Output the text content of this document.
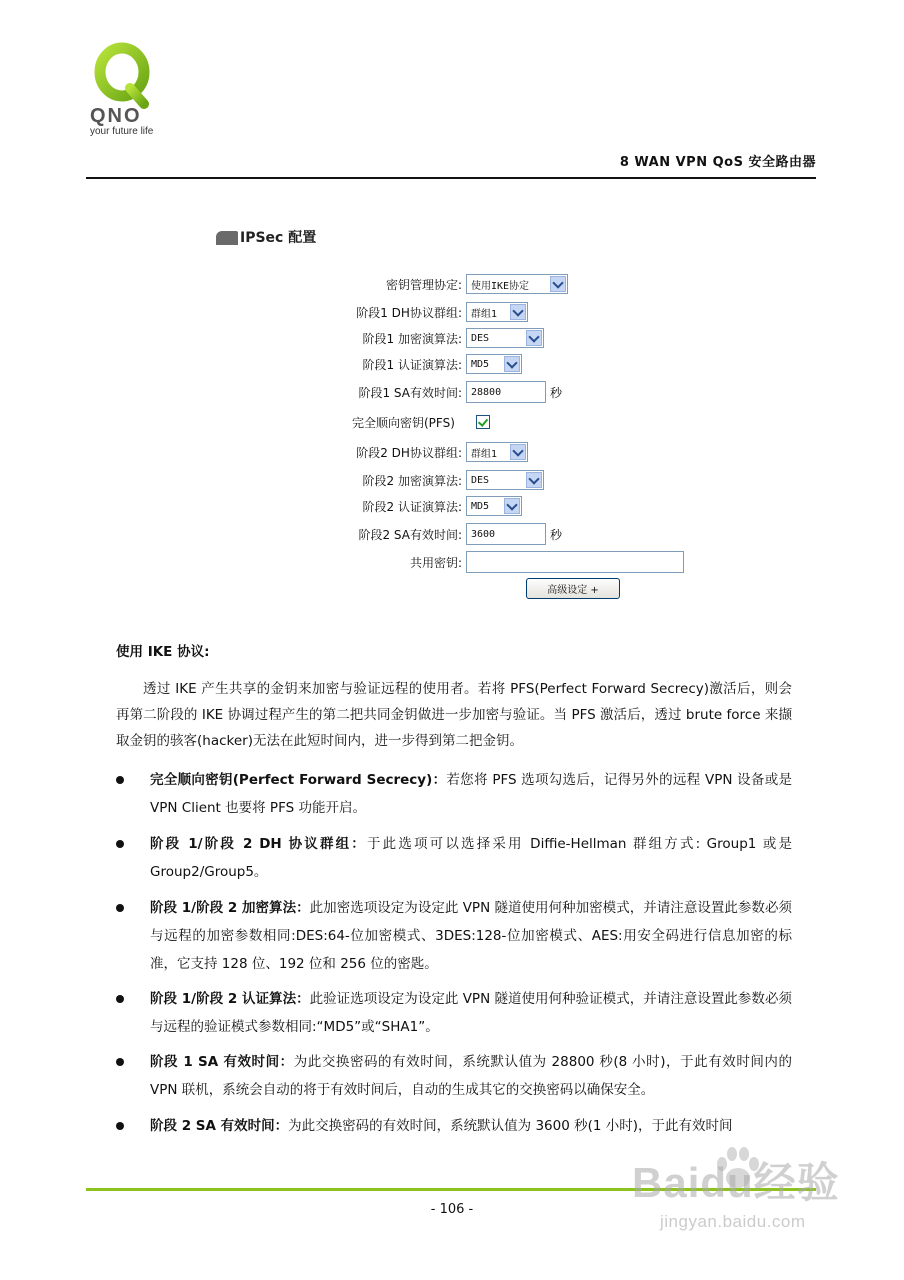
QNO
your future life
8 WAN VPN QoS 安全路由器
IPSec 配置
密钥管理协定: 使用IKE协定
阶段1 DH协议群组: 群组1
阶段1 加密演算法: DES
阶段1 认证演算法: MD5
阶段1 SA有效时间: 28800	秒
完全顺向密钥(PFS)
阶段2 DH协议群组: 群组1
阶段2 加密演算法: DES
阶段2 认证演算法: MD5
阶段2 SA有效时间: 3600	秒
共用密钥:
高级设定 +
使用 IKE 协议:
透过 IKE 产生共享的金钥来加密与验证远程的使用者。若将 PFS(Perfect Forward Secrecy)激活后，则会再第二阶段的 IKE 协调过程产生的第二把共同金钥做进一步加密与验证。当 PFS 激活后，透过 brute force 来撷取金钥的骇客(hacker)无法在此短时间内，进一步得到第二把金钥。
完全顺向密钥(Perfect Forward Secrecy)：若您将 PFS 选项勾选后，记得另外的远程 VPN 设备或是 VPN Client 也要将 PFS 功能开启。
阶段 1/阶段 2 DH 协议群组：于此选项可以选择采用 Diffie-Hellman 群组方式: Group1 或是 Group2/Group5。
阶段 1/阶段 2 加密算法：此加密选项设定为设定此 VPN 隧道使用何种加密模式，并请注意设置此参数必须与远程的加密参数相同:DES:64-位加密模式、3DES:128-位加密模式、AES:用安全码进行信息加密的标准，它支持 128 位、192 位和 256 位的密匙。
阶段 1/阶段 2 认证算法：此验证选项设定为设定此 VPN 隧道使用何种验证模式，并请注意设置此参数必须与远程的验证模式参数相同:“MD5”或“SHA1”。
阶段 1 SA 有效时间：为此交换密码的有效时间，系统默认值为 28800 秒(8 小时)，于此有效时间内的 VPN 联机，系统会自动的将于有效时间后，自动的生成其它的交换密码以确保安全。
阶段 2 SA 有效时间：为此交换密码的有效时间，系统默认值为 3600 秒(1 小时)，于此有效时间
- 106 -
Baidu经验
jingyan.baidu.com
